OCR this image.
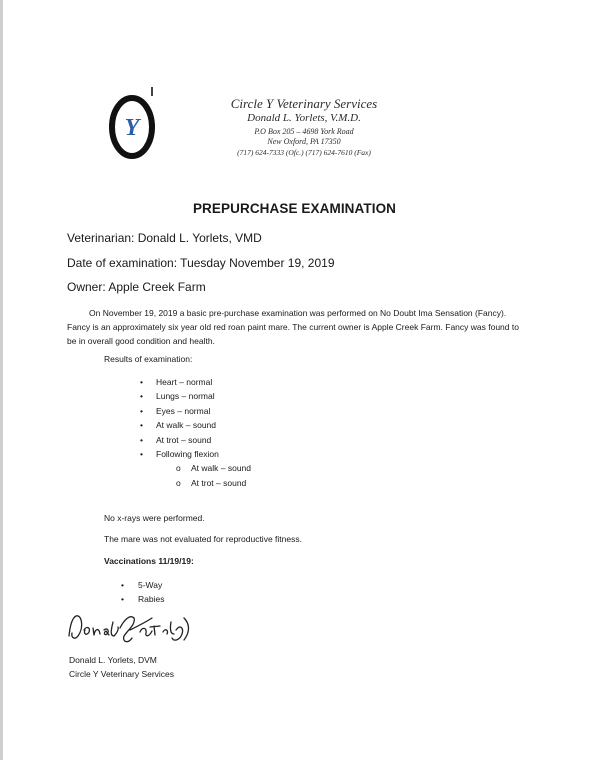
Y
Circle Y Veterinary Services
Donald L. Yorlets, V.M.D.
P.O Box 205 – 4698 York Road
New Oxford, PA 17350
(717) 624-7333 (Ofc.) (717) 624-7610 (Fax)
PREPURCHASE EXAMINATION
Veterinarian: Donald L. Yorlets, VMD
Date of examination: Tuesday November 19, 2019
Owner: Apple Creek Farm

On November 19, 2019 a basic pre-purchase examination was performed on No Doubt Ima Sensation (Fancy). Fancy is an approximately six year old red roan paint mare. The current owner is Apple Creek Farm. Fancy was found to be in overall good condition and health.

Results of examination:
• Heart – normal
• Lungs – normal
• Eyes – normal
• At walk – sound
• At trot – sound
• Following flexion
o At walk – sound
o At trot – sound
No x-rays were performed.
The mare was not evaluated for reproductive fitness.
Vaccinations 11/19/19:
• 5-Way
• Rabies
Donald L. Yorlets, DVM
Circle Y Veterinary Services
